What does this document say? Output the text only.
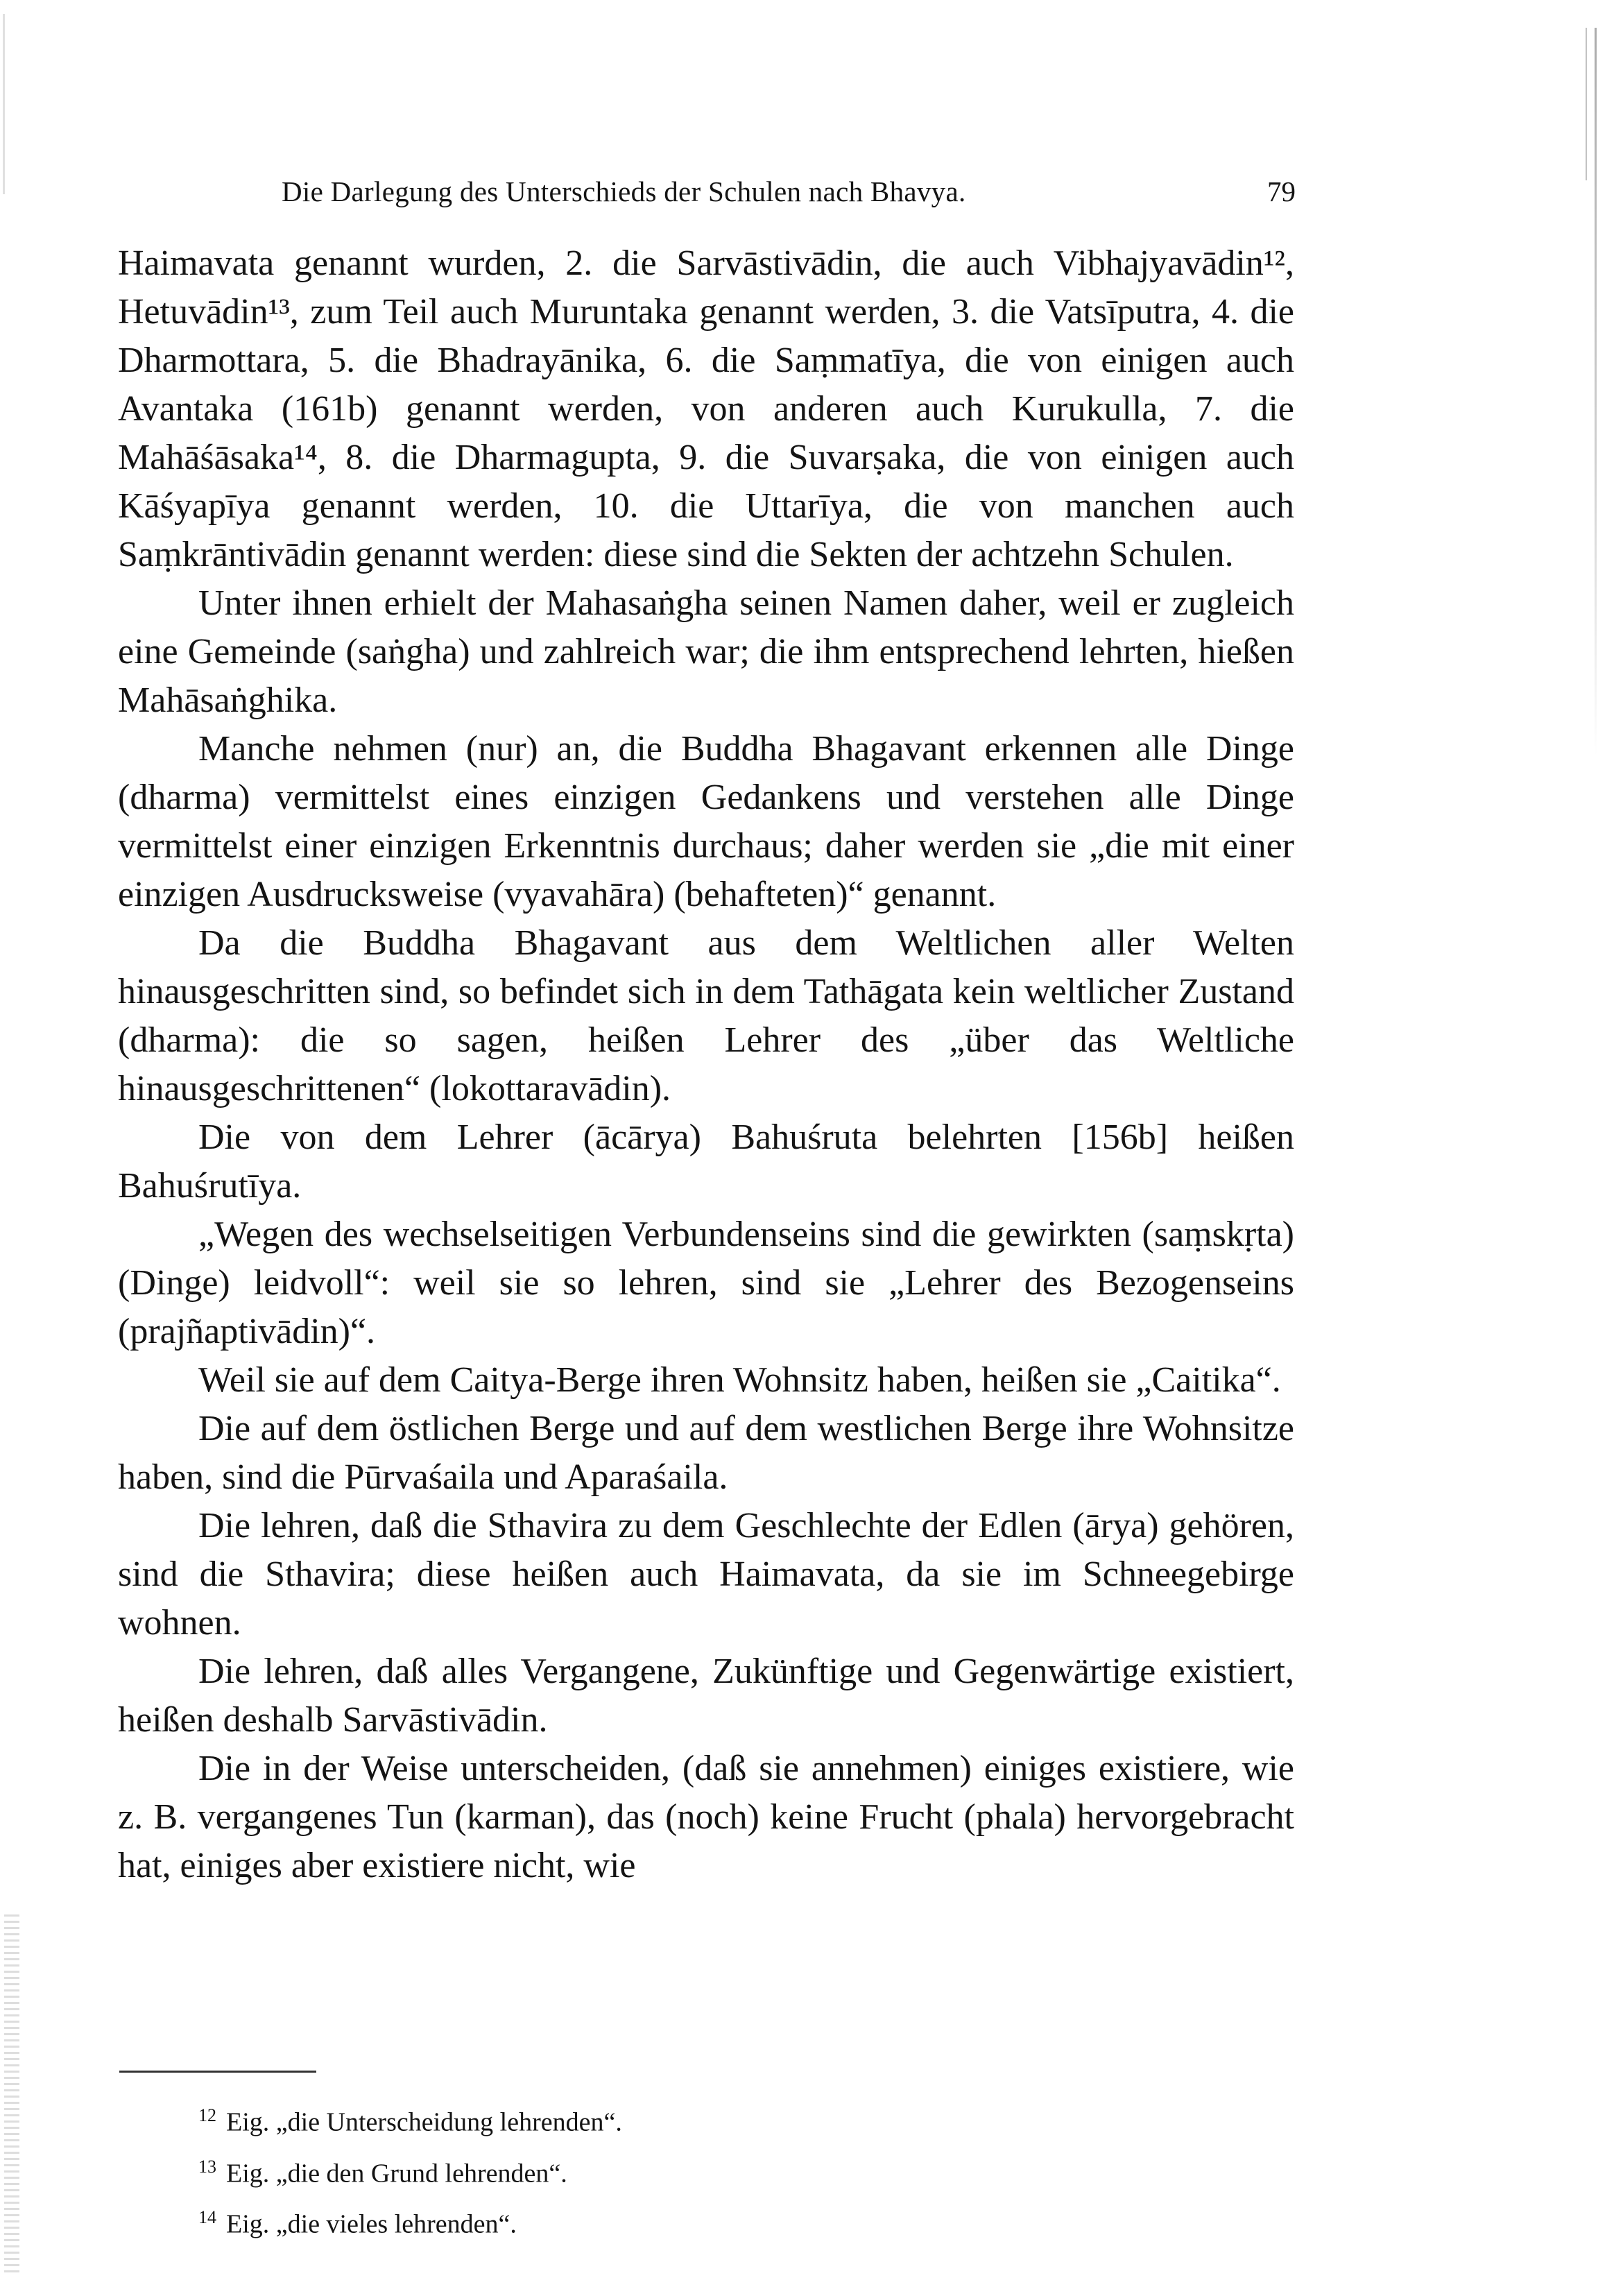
Die Darlegung des Unterschieds der Schulen nach Bhavya.	79

Haimavata genannt wurden, 2. die Sarvāstivādin, die auch Vibhajyavādin¹², Hetuvādin¹³, zum Teil auch Muruntaka genannt werden, 3. die Vatsīputra, 4. die Dharmottara, 5. die Bhadrayānika, 6. die Saṃmatīya, die von einigen auch Avantaka (161b) genannt werden, von anderen auch Kurukulla, 7. die Mahāśāsaka¹⁴, 8. die Dharmagupta, 9. die Suvarṣaka, die von einigen auch Kāśyapīya genannt werden, 10. die Uttarīya, die von manchen auch Saṃkrāntivādin genannt werden: diese sind die Sekten der achtzehn Schulen.

Unter ihnen erhielt der Mahasaṅgha seinen Namen daher, weil er zugleich eine Gemeinde (saṅgha) und zahlreich war; die ihm entsprechend lehrten, hießen Mahāsaṅghika.

Manche nehmen (nur) an, die Buddha Bhagavant erkennen alle Dinge (dharma) vermittelst eines einzigen Gedankens und verstehen alle Dinge vermittelst einer einzigen Erkenntnis durchaus; daher werden sie „die mit einer einzigen Ausdrucksweise (vyavahāra) (behafteten)“ genannt.

Da die Buddha Bhagavant aus dem Weltlichen aller Welten hinausgeschritten sind, so befindet sich in dem Tathāgata kein weltlicher Zustand (dharma): die so sagen, heißen Lehrer des „über das Weltliche hinausgeschrittenen“ (lokottaravādin).

Die von dem Lehrer (ācārya) Bahuśruta belehrten [156b] heißen Bahuśrutīya.

„Wegen des wechselseitigen Verbundenseins sind die gewirkten (saṃskṛta) (Dinge) leidvoll“: weil sie so lehren, sind sie „Lehrer des Bezogenseins (prajñaptivādin)“.

Weil sie auf dem Caitya-Berge ihren Wohnsitz haben, heißen sie „Caitika“.

Die auf dem östlichen Berge und auf dem westlichen Berge ihre Wohnsitze haben, sind die Pūrvaśaila und Aparaśaila.

Die lehren, daß die Sthavira zu dem Geschlechte der Edlen (ārya) gehören, sind die Sthavira; diese heißen auch Haimavata, da sie im Schneegebirge wohnen.

Die lehren, daß alles Vergangene, Zukünftige und Gegenwärtige existiert, heißen deshalb Sarvāstivādin.

Die in der Weise unterscheiden, (daß sie annehmen) einiges existiere, wie z. B. vergangenes Tun (karman), das (noch) keine Frucht (phala) hervorgebracht hat, einiges aber existiere nicht, wie

$^{12}$ Eig. „die Unterscheidung lehrenden“.
$^{13}$ Eig. „die den Grund lehrenden“.
$^{14}$ Eig. „die vieles lehrenden“.
